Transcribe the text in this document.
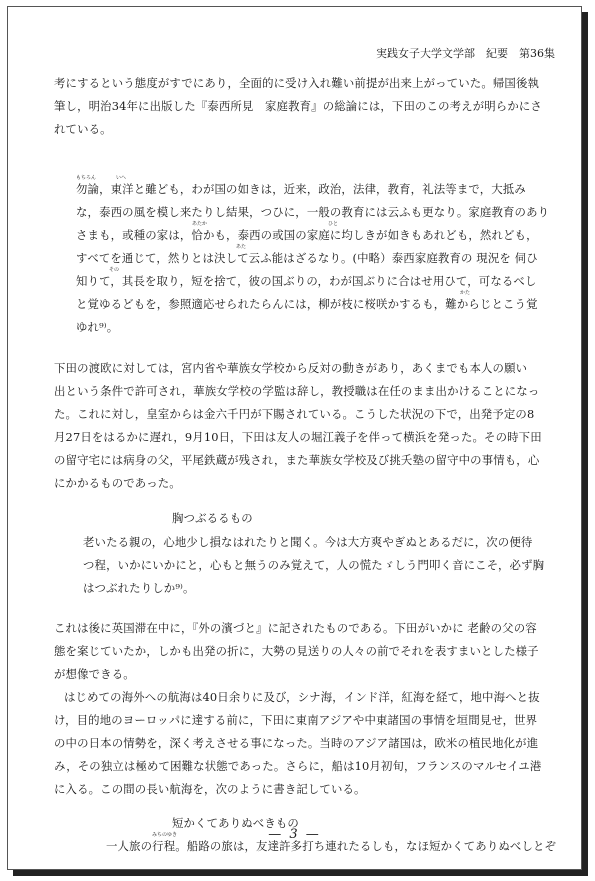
実践女子大学文学部　紀要　第36集
考にするという態度がすでにあり，全面的に受け入れ難い前提が出来上がっていた。帰国後執
筆し，明治34年に出版した『泰西所見　家庭教育』の総論には，下田のこの考えが明らかにさ
れている。
もちろん	いへ
勿論，東洋と雖ども，わが国の如きは，近来，政治，法律，教育，礼法等まで，大抵み
な，泰西の風を模し来たりし結果，つひに，一般の教育には云ふも更なり。家庭教育のあり
あたか	ひと
さまも，或種の家は，恰かも，泰西の或国の家庭に均しきが如きもあれども，然れども，
あた
すべてを通じて，然りとは決して云ふ能はざるなり。(中略）泰西家庭教育の 現況を 伺ひ
その
知りて，其長を取り，短を捨て，彼の国ぶりの，わが国ぶりに合はせ用ひて，可なるべし
かた
と覚ゆるどもを，参照適応せられたらんには，柳が枝に桜咲かするも，難からじとこう覚
ゆれ⁹⁾。
下田の渡欧に対しては，宮内省や華族女学校から反対の動きがあり，あくまでも本人の願い
出という条件で許可され，華族女学校の学監は辞し，教授職は在任のまま出かけることになっ
た。これに対し，皇室からは金六千円が下賜されている。こうした状況の下で，出発予定の8
月27日をはるかに遅れ，9月10日，下田は友人の堀江義子を伴って横浜を発った。その時下田
の留守宅には病身の父，平尾鉄蔵が残され，また華族女学校及び挑夭塾の留守中の事情も，心
にかかるものであった。
胸つぶるるもの
老いたる親の，心地少し損なはれたりと聞く。今は大方爽やぎぬとあるだに，次の便待
つ程，いかにいかにと，心もと無うのみ覚えて，人の慌たゞしう門叩く音にこそ，必ず胸
はつぶれたりしか⁹⁾。
これは後に英国滞在中に，『外の濱づと』に記されたものである。下田がいかに 老齢の父の容
態を案じていたか，しかも出発の折に，大勢の見送りの人々の前でそれを表すまいとした様子
が想像できる。
はじめての海外への航海は40日余りに及び，シナ海，インド洋，紅海を経て，地中海へと抜
け，目的地のヨーロッパに達する前に，下田に東南アジアや中東諸国の事情を垣間見せ，世界
の中の日本の情勢を，深く考えさせる事になった。当時のアジア諸国は，欧米の植民地化が進
み，その独立は極めて困難な状態であった。さらに，船は10月初旬，フランスのマルセイユ港
に入る。この間の長い航海を，次のように書き記している。
短かくてありぬべきもの
みちのゆき
一人旅の行程。船路の旅は，友達許多打ち連れたるしも，なほ短かくてありぬべしとぞ
— 3 —
